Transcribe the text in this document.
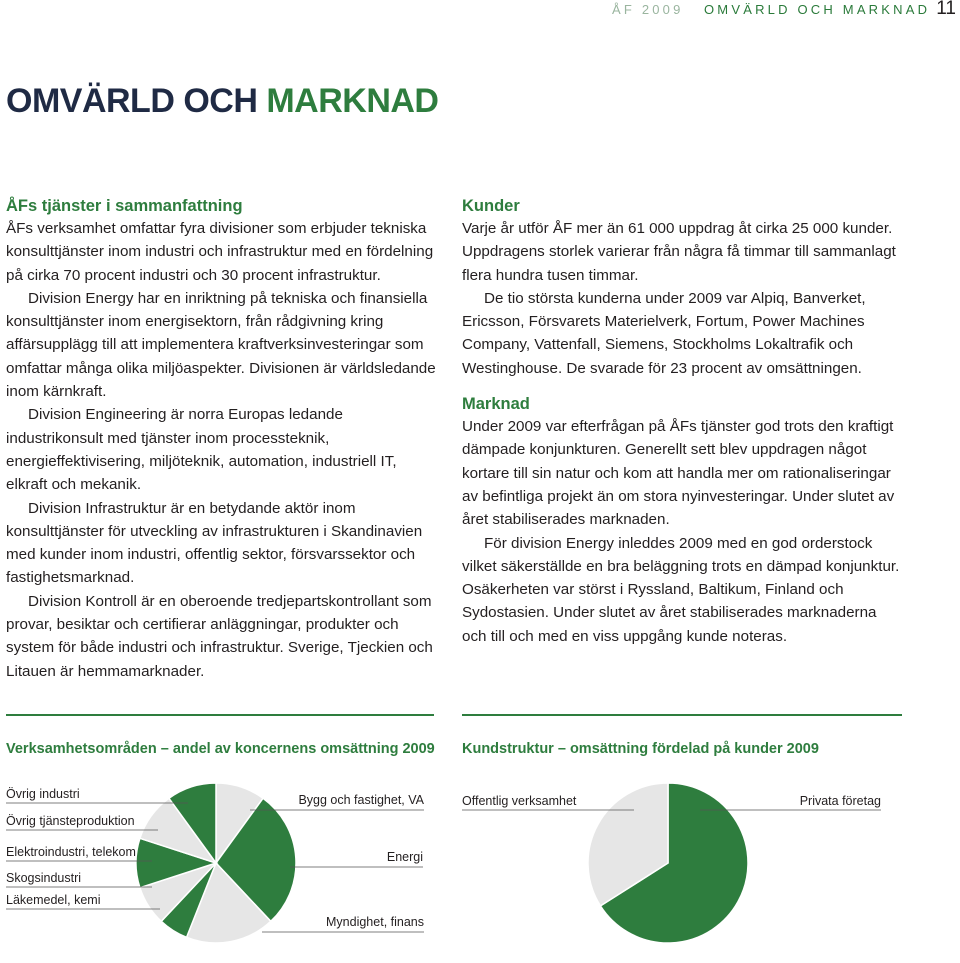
ÅF 2009 OMVÄRLD OCH MARKNAD 11
OMVÄRLD OCH MARKNAD
ÅFs tjänster i sammanfattning

ÅFs verksamhet omfattar fyra divisioner som erbjuder tekniska konsulttjänster inom industri och infrastruktur med en fördelning på cirka 70 procent industri och 30 procent infrastruktur.

Division Energy har en inriktning på tekniska och finansiella konsulttjänster inom energisektorn, från rådgivning kring affärsupplägg till att implementera kraftverksinvesteringar som omfattar många olika miljöaspekter. Divisionen är världsledande inom kärnkraft.

Division Engineering är norra Europas ledande industrikonsult med tjänster inom processteknik, energieffektivisering, miljöteknik, automation, industriell IT, elkraft och mekanik.

Division Infrastruktur är en betydande aktör inom konsulttjänster för utveckling av infrastrukturen i Skandinavien med kunder inom industri, offentlig sektor, försvarssektor och fastighetsmarknad.

Division Kontroll är en oberoende tredjepartskontrollant som provar, besiktar och certifierar anläggningar, produkter och system för både industri och infrastruktur. Sverige, Tjeckien och Litauen är hemmamarknader.

Kunder

Varje år utför ÅF mer än 61 000 uppdrag åt cirka 25 000 kunder. Uppdragens storlek varierar från några få timmar till sammanlagt flera hundra tusen timmar.

De tio största kunderna under 2009 var Alpiq, Banverket, Ericsson, Försvarets Materielverk, Fortum, Power Machines Company, Vattenfall, Siemens, Stockholms Lokaltrafik och Westinghouse. De svarade för 23 procent av omsättningen.

Marknad

Under 2009 var efterfrågan på ÅFs tjänster god trots den kraftigt dämpade konjunkturen. Generellt sett blev uppdragen något kortare till sin natur och kom att handla mer om rationaliseringar av befintliga projekt än om stora nyinvesteringar. Under slutet av året stabiliserades marknaden.

För division Energy inleddes 2009 med en god orderstock vilket säkerställde en bra beläggning trots en dämpad konjunktur. Osäkerheten var störst i Ryssland, Baltikum, Finland och Sydostasien. Under slutet av året stabiliserades marknaderna och till och med en viss uppgång kunde noteras.

Verksamhetsområden – andel av koncernens omsättning 2009 Kundstruktur – omsättning fördelad på kunder 2009
Övrig industri
Övrig tjänsteproduktion
Elektroindustri, telekom
Skogsindustri
Läkemedel, kemi
Bygg och fastighet, VA
Energi
Myndighet, finans
Offentlig verksamhet	Privata företag
